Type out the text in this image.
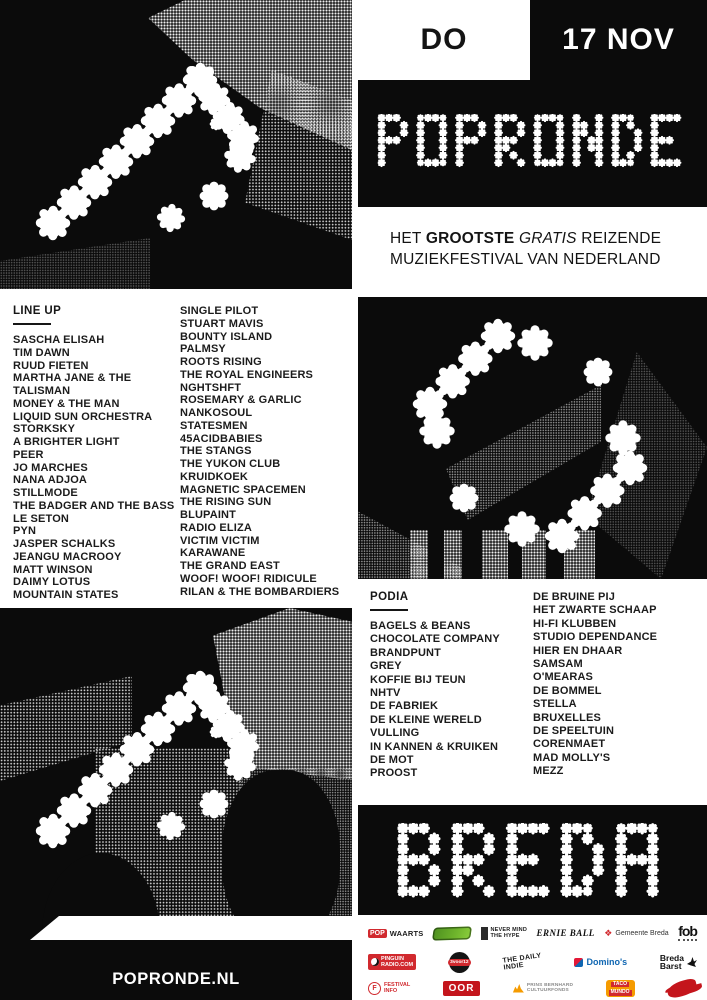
LINE UP
SASCHA ELISAH
TIM DAWN
RUUD FIETEN
MARTHA JANE & THE
TALISMAN
MONEY & THE MAN
LIQUID SUN ORCHESTRA
STORKSKY
A BRIGHTER LIGHT
PEER
JO MARCHES
NANA ADJOA
STILLMODE
THE BADGER AND THE BASS
LE SETON
PYN
JASPER SCHALKS
JEANGU MACROOY
MATT WINSON
DAIMY LOTUS
MOUNTAIN STATES
SINGLE PILOT
STUART MAVIS
BOUNTY ISLAND
PALMSY
ROOTS RISING
THE ROYAL ENGINEERS
NGHTSHFT
ROSEMARY & GARLIC
NANKOSOUL
STATESMEN
45ACIDBABIES
THE STANGS
THE YUKON CLUB
KRUIDKOEK
MAGNETIC SPACEMEN
THE RISING SUN
BLUPAINT
RADIO ELIZA
VICTIM VICTIM
KARAWANE
THE GRAND EAST
WOOF! WOOF! RIDICULE
RILAN & THE BOMBARDIERS
POPRONDE.NL
DO	17 NOV
HET GROOTSTE GRATIS REIZENDE
MUZIEKFESTIVAL VAN NEDERLAND
PODIA
BAGELS & BEANS
CHOCOLATE COMPANY
BRANDPUNT
GREY
KOFFIE BIJ TEUN
NHTV
DE FABRIEK
DE KLEINE WERELD
VULLING
IN KANNEN & KRUIKEN
DE MOT
PROOST
DE BRUINE PIJ
HET ZWARTE SCHAAP
HI-FI KLUBBEN
STUDIO DEPENDANCE
HIER EN DHAAR
SAMSAM
O'MEARAS
DE BOMMEL
STELLA
BRUXELLES
DE SPEELTUIN
CORENMAET
MAD MOLLY'S
MEZZ
POP WAARTS	NEVER MIND
THE HYPE	ERNIE BALL ❖ Gemeente Breda fob
PINGUIN
RADIO.COM	3voor12	THE DAILY
INDIE	Domino's	Breda
Barst
F	FESTIVAL
INFO	OOR	PRINS BERNHARD
CULTUURFONDS
TACO
MUNDO
